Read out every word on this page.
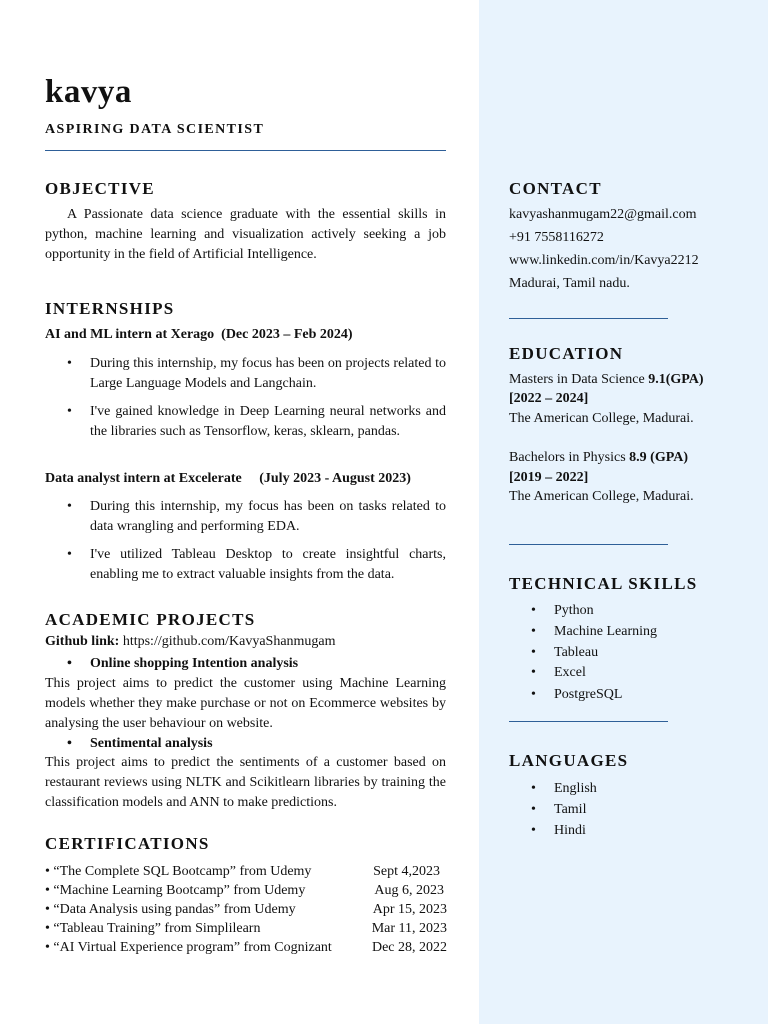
kavya
ASPIRING DATA SCIENTIST
OBJECTIVE

A Passionate data science graduate with the essential skills in python, machine learning and visualization actively seeking a job opportunity in the field of Artificial Intelligence.

INTERNSHIPS
AI and ML intern at Xerago  (Dec 2023 – Feb 2024)

• During this internship, my focus has been on projects related to Large Language Models and Langchain.

• I've gained knowledge in Deep Learning neural networks and the libraries such as Tensorflow, keras, sklearn, pandas.

Data analyst intern at Excelerate     (July 2023 - August 2023)

• During this internship, my focus has been on tasks related to data wrangling and performing EDA.

• I've utilized Tableau Desktop to create insightful charts, enabling me to extract valuable insights from the data.

ACADEMIC PROJECTS
Github link: https://github.com/KavyaShanmugam
• Online shopping Intention analysis

This project aims to predict the customer using Machine Learning models whether they make purchase or not on Ecommerce websites by analysing the user behaviour on website.

• Sentimental analysis

This project aims to predict the sentiments of a customer based on restaurant reviews using NLTK and Scikitlearn libraries by training the classification models and ANN to make predictions.

CERTIFICATIONS
• “The Complete SQL Bootcamp” from Udemy	Sept 4,2023
• “Machine Learning Bootcamp” from Udemy	Aug 6, 2023
• “Data Analysis using pandas” from Udemy	Apr 15, 2023
• “Tableau Training” from Simplilearn	Mar 11, 2023
• “AI Virtual Experience program” from Cognizant	Dec 28, 2022
CONTACT
kavyashanmugam22@gmail.com
+91 7558116272
www.linkedin.com/in/Kavya2212
Madurai, Tamil nadu.
EDUCATION
Masters in Data Science 9.1(GPA)
[2022 – 2024]
The American College, Madurai.
Bachelors in Physics 8.9 (GPA)
[2019 – 2022]
The American College, Madurai.
TECHNICAL SKILLS
• Python
• Machine Learning
• Tableau
• Excel
• PostgreSQL
LANGUAGES
• English
• Tamil
• Hindi
